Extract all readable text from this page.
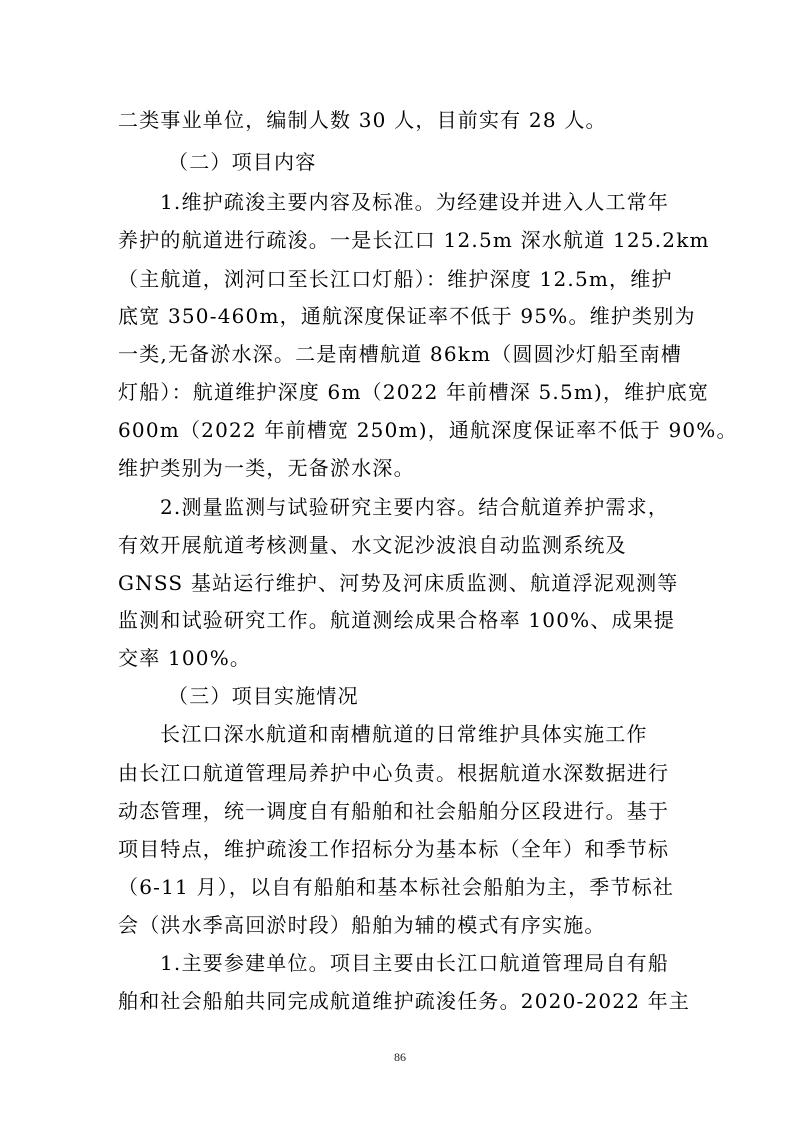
二类事业单位，编制人数 30 人，目前实有 28 人。
（二）项目内容
1.维护疏浚主要内容及标准。为经建设并进入人工常年
养护的航道进行疏浚。一是长江口 12.5m 深水航道 125.2km
（主航道，浏河口至长江口灯船）：维护深度 12.5m，维护
底宽 350-460m，通航深度保证率不低于 95%。维护类别为
一类,无备淤水深。二是南槽航道 86km（圆圆沙灯船至南槽
灯船）：航道维护深度 6m（2022 年前槽深 5.5m)，维护底宽
600m（2022 年前槽宽 250m)，通航深度保证率不低于 90%。
维护类别为一类，无备淤水深。
2.测量监测与试验研究主要内容。结合航道养护需求，
有效开展航道考核测量、水文泥沙波浪自动监测系统及
GNSS 基站运行维护、河势及河床质监测、航道浮泥观测等
监测和试验研究工作。航道测绘成果合格率 100%、成果提
交率 100%。
（三）项目实施情况
长江口深水航道和南槽航道的日常维护具体实施工作
由长江口航道管理局养护中心负责。根据航道水深数据进行
动态管理，统一调度自有船舶和社会船舶分区段进行。基于
项目特点，维护疏浚工作招标分为基本标（全年）和季节标
（6-11 月），以自有船舶和基本标社会船舶为主，季节标社
会（洪水季高回淤时段）船舶为辅的模式有序实施。
1.主要参建单位。项目主要由长江口航道管理局自有船
舶和社会船舶共同完成航道维护疏浚任务。2020-2022 年主
86
